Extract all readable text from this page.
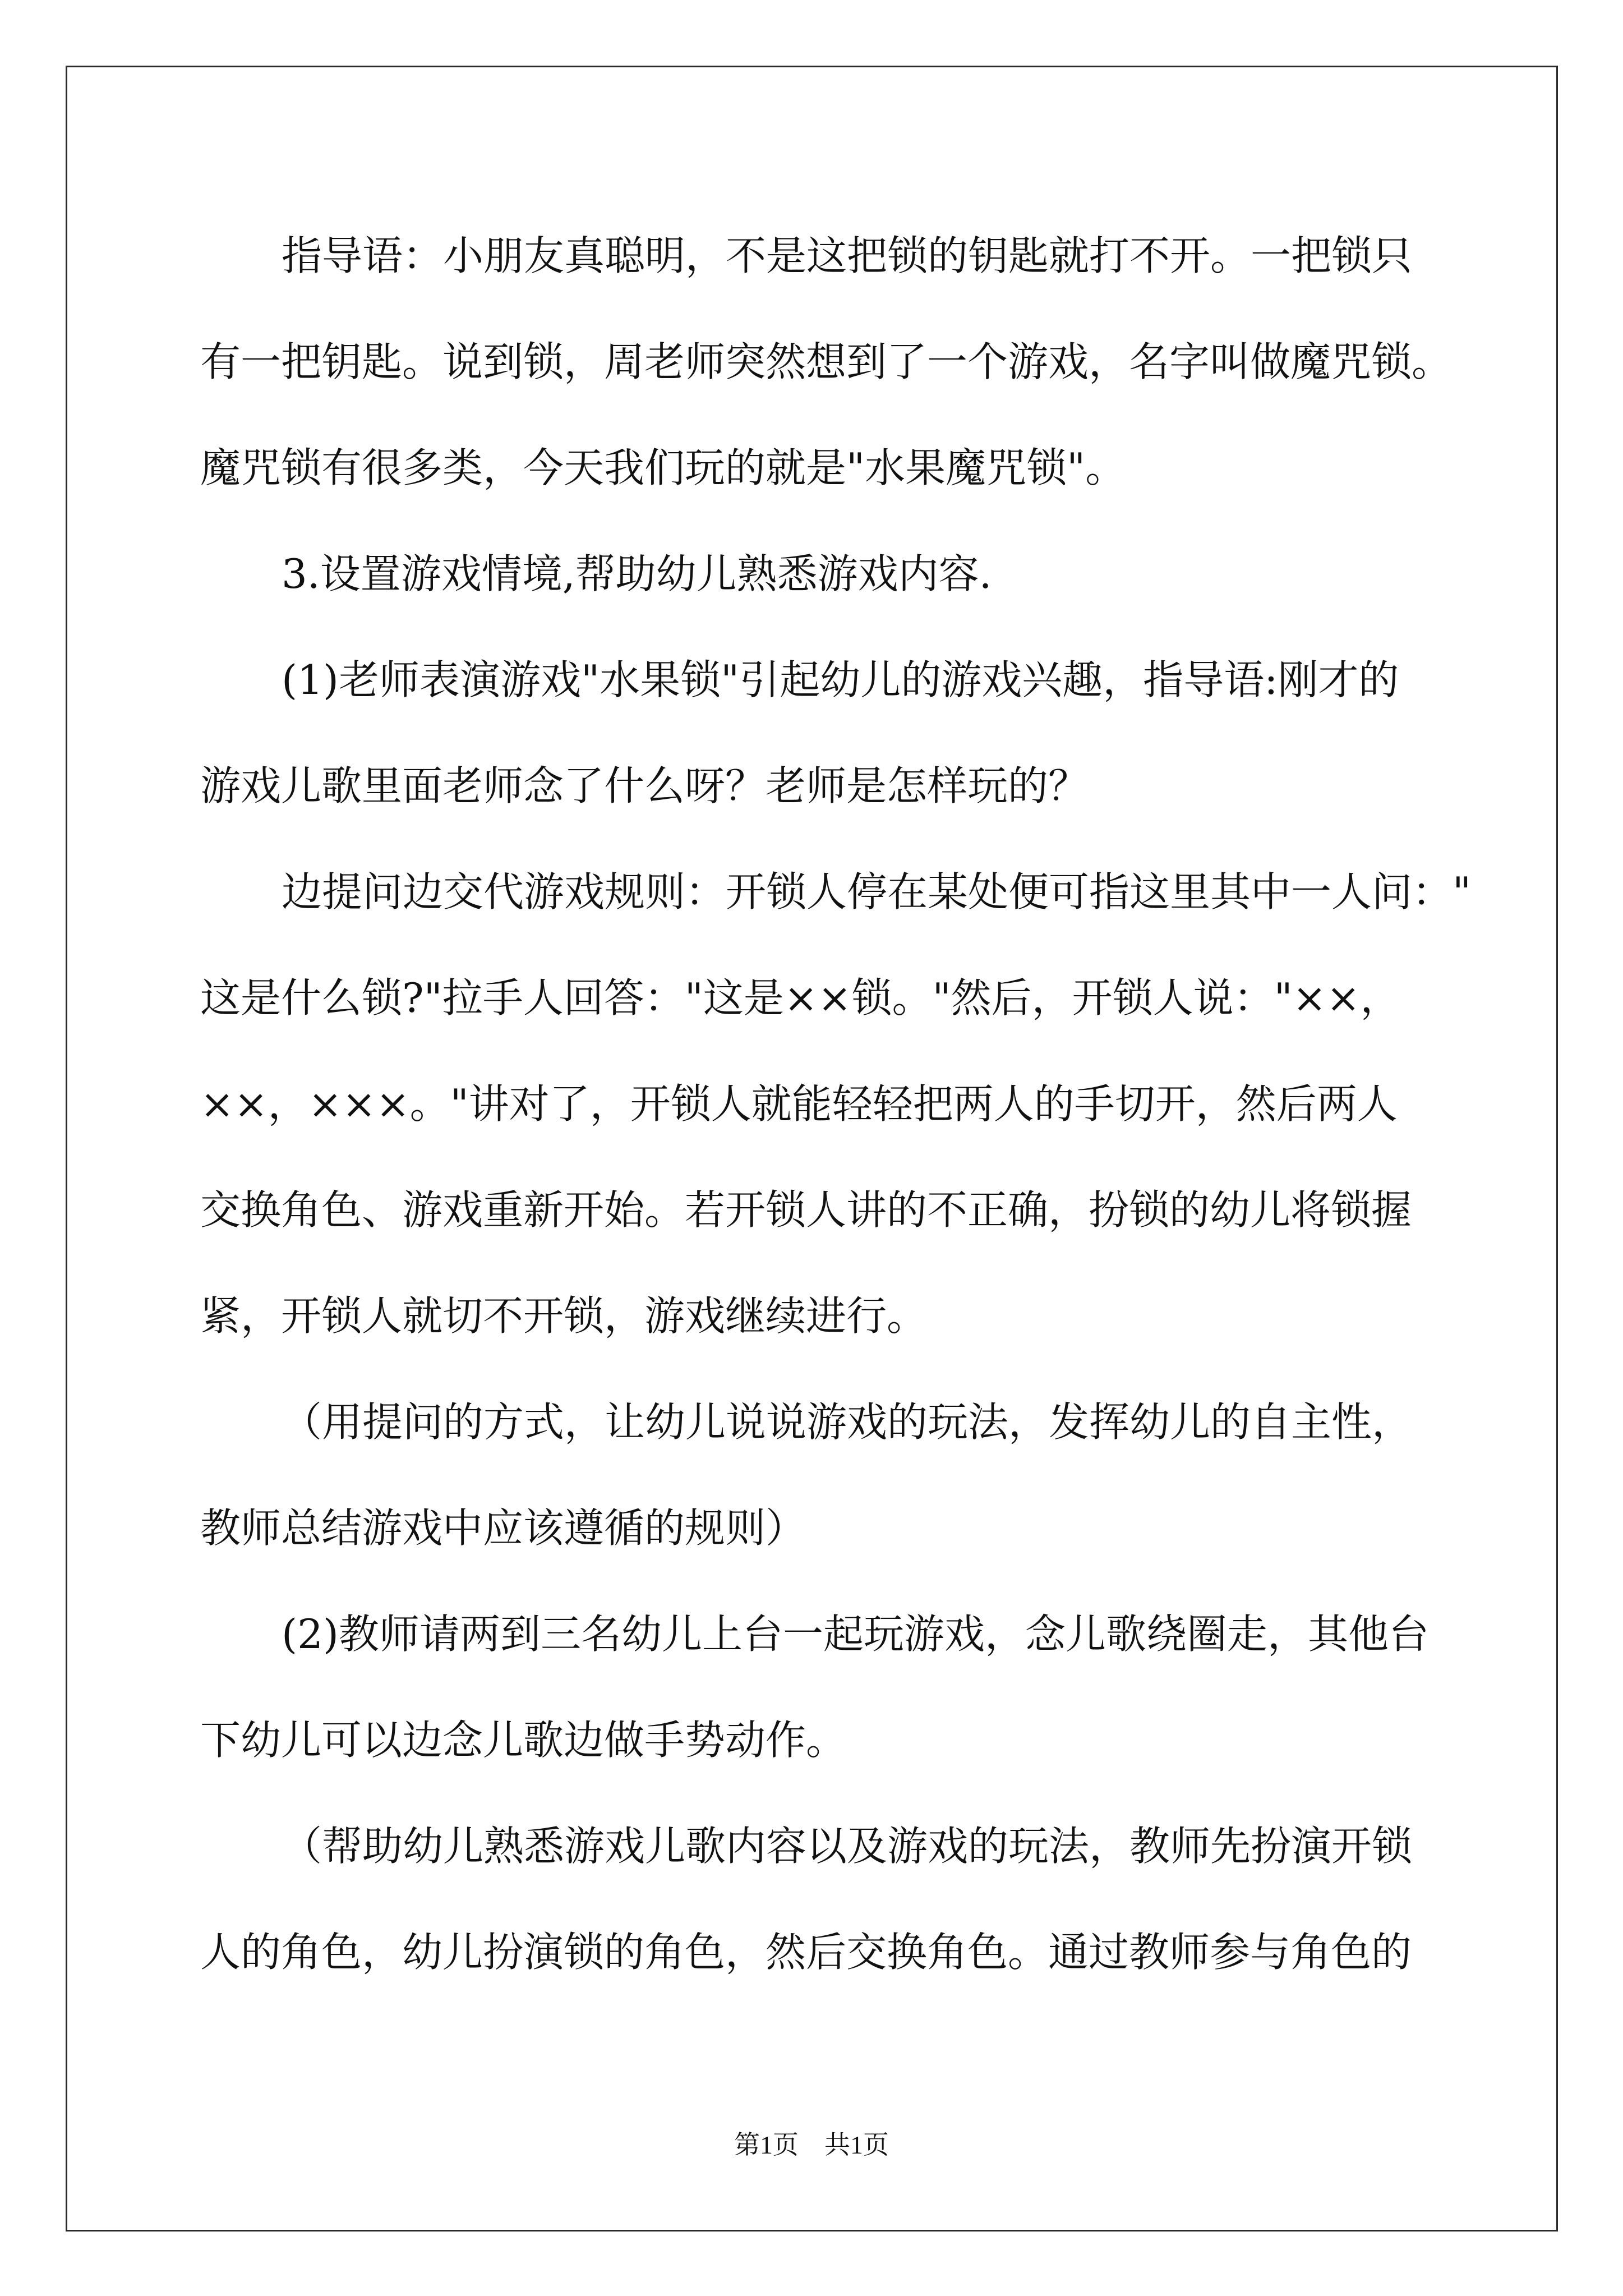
指导语：小朋友真聪明，不是这把锁的钥匙就打不开。一把锁只
有一把钥匙。说到锁，周老师突然想到了一个游戏，名字叫做魔咒锁。
魔咒锁有很多类，今天我们玩的就是"水果魔咒锁"。
3.设置游戏情境,帮助幼儿熟悉游戏内容.
(1)老师表演游戏"水果锁"引起幼儿的游戏兴趣，指导语:刚才的
游戏儿歌里面老师念了什么呀？老师是怎样玩的？
边提问边交代游戏规则：开锁人停在某处便可指这里其中一人问："
这是什么锁?"拉手人回答："这是××锁。"然后，开锁人说："××，
××，×××。"讲对了，开锁人就能轻轻把两人的手切开，然后两人
交换角色、游戏重新开始。若开锁人讲的不正确，扮锁的幼儿将锁握
紧，开锁人就切不开锁，游戏继续进行。
（用提问的方式，让幼儿说说游戏的玩法，发挥幼儿的自主性，
教师总结游戏中应该遵循的规则）
(2)教师请两到三名幼儿上台一起玩游戏，念儿歌绕圈走，其他台
下幼儿可以边念儿歌边做手势动作。
（帮助幼儿熟悉游戏儿歌内容以及游戏的玩法，教师先扮演开锁
人的角色，幼儿扮演锁的角色，然后交换角色。通过教师参与角色的
第1页　共1页
